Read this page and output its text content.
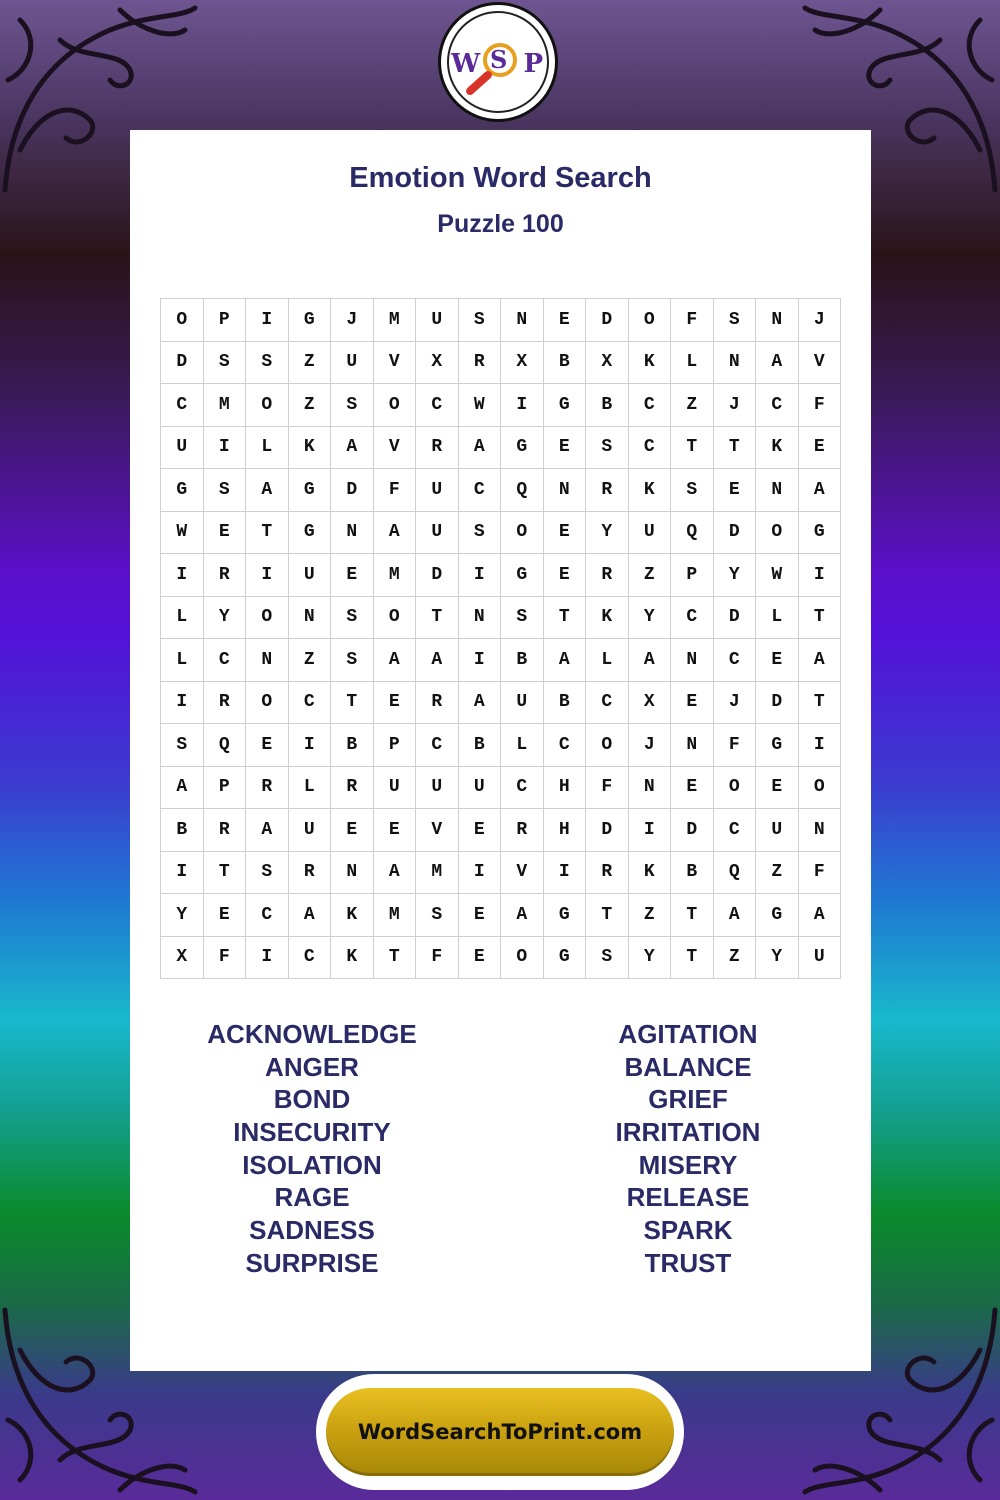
Emotion Word Search
Puzzle 100
O	P	I	G	J	M	U	S	N	E	D	O	F	S	N	J
D	S	S	Z	U	V	X	R	X	B	X	K	L	N	A	V
C	M	O	Z	S	O	C	W	I	G	B	C	Z	J	C	F
U	I	L	K	A	V	R	A	G	E	S	C	T	T	K	E
G	S	A	G	D	F	U	C	Q	N	R	K	S	E	N	A
W	E	T	G	N	A	U	S	O	E	Y	U	Q	D	O	G
I	R	I	U	E	M	D	I	G	E	R	Z	P	Y	W	I
L	Y	O	N	S	O	T	N	S	T	K	Y	C	D	L	T
L	C	N	Z	S	A	A	I	B	A	L	A	N	C	E	A
I	R	O	C	T	E	R	A	U	B	C	X	E	J	D	T
S	Q	E	I	B	P	C	B	L	C	O	J	N	F	G	I
A	P	R	L	R	U	U	U	C	H	F	N	E	O	E	O
B	R	A	U	E	E	V	E	R	H	D	I	D	C	U	N
I	T	S	R	N	A	M	I	V	I	R	K	B	Q	Z	F
Y	E	C	A	K	M	S	E	A	G	T	Z	T	A	G	A
X	F	I	C	K	T	F	E	O	G	S	Y	T	Z	Y	U
ACKNOWLEDGE
ANGER
BOND
INSECURITY
ISOLATION
RAGE
SADNESS
SURPRISE
AGITATION
BALANCE
GRIEF
IRRITATION
MISERY
RELEASE
SPARK
TRUST
W S P
WordSearchToPrint.com
